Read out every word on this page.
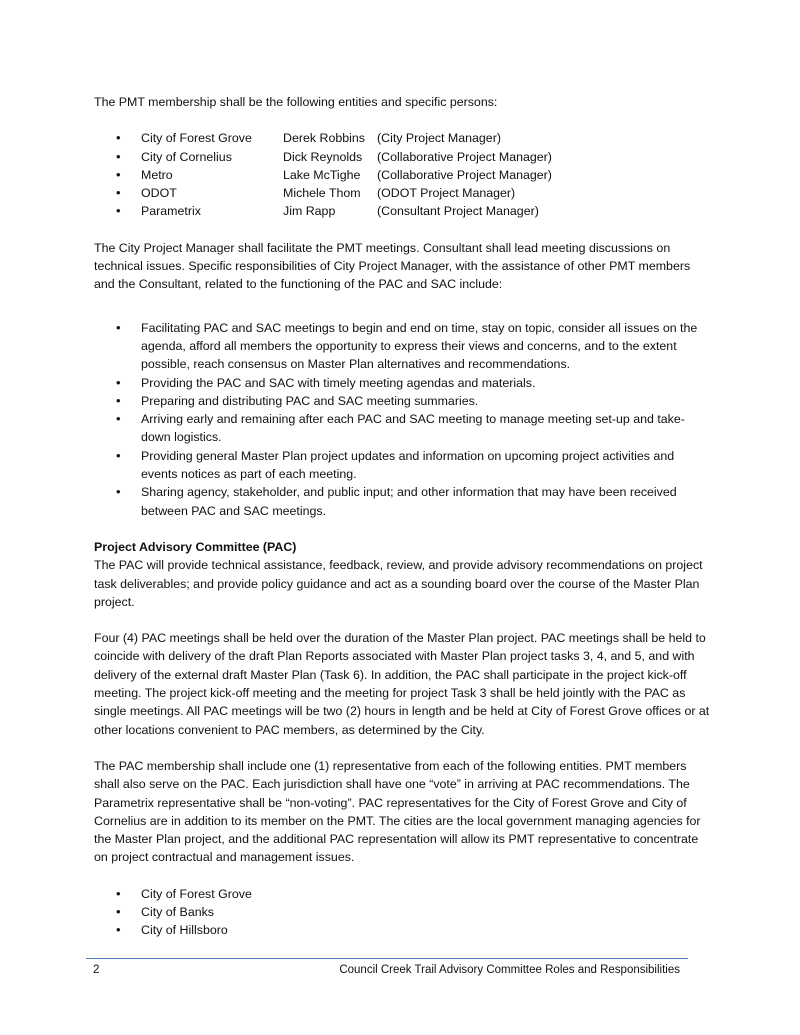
The PMT membership shall be the following entities and specific persons:

• City of Forest Grove	Derek Robbins (City Project Manager)
• City of Cornelius	Dick Reynolds	(Collaborative Project Manager)
• Metro	Lake McTighe	(Collaborative Project Manager)
• ODOT	Michele Thom	(ODOT Project Manager)
• Parametrix	Jim Rapp	(Consultant Project Manager)

The City Project Manager shall facilitate the PMT meetings. Consultant shall lead meeting discussions on technical issues. Specific responsibilities of City Project Manager, with the assistance of other PMT members and the Consultant, related to the functioning of the PAC and SAC include:

• Facilitating PAC and SAC meetings to begin and end on time, stay on topic, consider all issues on the agenda, afford all members the opportunity to express their views and concerns, and to the extent possible, reach consensus on Master Plan alternatives and recommendations.
• Providing the PAC and SAC with timely meeting agendas and materials.
• Preparing and distributing PAC and SAC meeting summaries.
• Arriving early and remaining after each PAC and SAC meeting to manage meeting set-up and take-down logistics.
• Providing general Master Plan project updates and information on upcoming project activities and events notices as part of each meeting.
• Sharing agency, stakeholder, and public input; and other information that may have been received between PAC and SAC meetings.

Project Advisory Committee (PAC)

The PAC will provide technical assistance, feedback, review, and provide advisory recommendations on project task deliverables; and provide policy guidance and act as a sounding board over the course of the Master Plan project.

Four (4) PAC meetings shall be held over the duration of the Master Plan project. PAC meetings shall be held to coincide with delivery of the draft Plan Reports associated with Master Plan project tasks 3, 4, and 5, and with delivery of the external draft Master Plan (Task 6). In addition, the PAC shall participate in the project kick-off meeting. The project kick-off meeting and the meeting for project Task 3 shall be held jointly with the PAC as single meetings. All PAC meetings will be two (2) hours in length and be held at City of Forest Grove offices or at other locations convenient to PAC members, as determined by the City.

The PAC membership shall include one (1) representative from each of the following entities. PMT members shall also serve on the PAC. Each jurisdiction shall have one “vote” in arriving at PAC recommendations. The Parametrix representative shall be “non-voting”. PAC representatives for the City of Forest Grove and City of Cornelius are in addition to its member on the PMT. The cities are the local government managing agencies for the Master Plan project, and the additional PAC representation will allow its PMT representative to concentrate on project contractual and management issues.

• City of Forest Grove
• City of Banks
• City of Hillsboro
2	Council Creek Trail Advisory Committee Roles and Responsibilities
